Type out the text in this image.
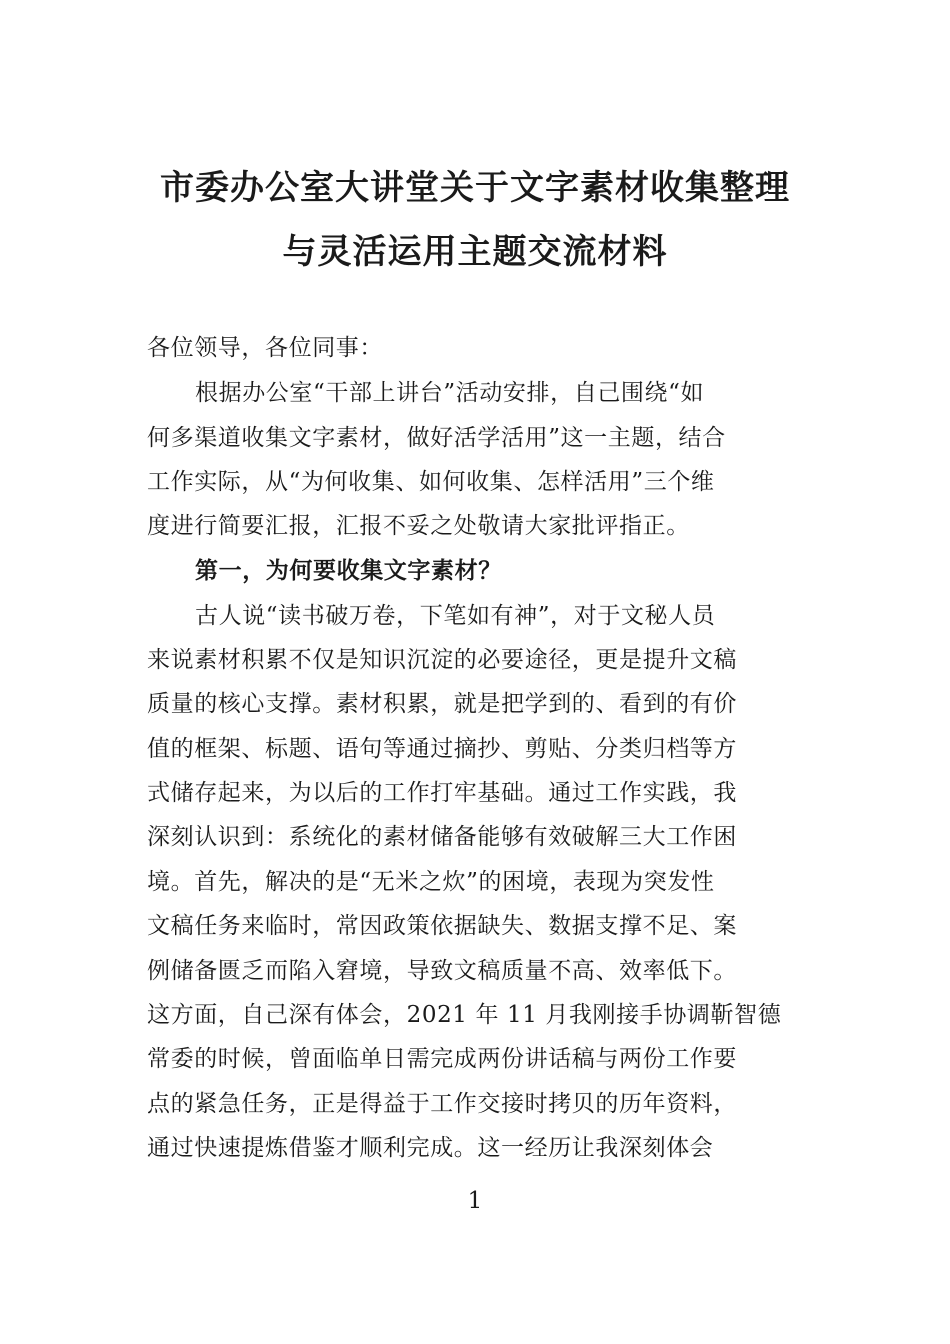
市委办公室大讲堂关于文字素材收集整理
与灵活运用主题交流材料
各位领导，各位同事：
根据办公室“干部上讲台”活动安排，自己围绕“如
何多渠道收集文字素材，做好活学活用”这一主题，结合
工作实际，从“为何收集、如何收集、怎样活用”三个维
度进行简要汇报，汇报不妥之处敬请大家批评指正。
第一，为何要收集文字素材？
古人说“读书破万卷，下笔如有神”，对于文秘人员
来说素材积累不仅是知识沉淀的必要途径，更是提升文稿
质量的核心支撑。素材积累，就是把学到的、看到的有价
值的框架、标题、语句等通过摘抄、剪贴、分类归档等方
式储存起来，为以后的工作打牢基础。通过工作实践，我
深刻认识到：系统化的素材储备能够有效破解三大工作困
境。首先，解决的是“无米之炊”的困境，表现为突发性
文稿任务来临时，常因政策依据缺失、数据支撑不足、案
例储备匮乏而陷入窘境，导致文稿质量不高、效率低下。
这方面，自己深有体会，2021 年 11 月我刚接手协调靳智德
常委的时候，曾面临单日需完成两份讲话稿与两份工作要
点的紧急任务，正是得益于工作交接时拷贝的历年资料，
通过快速提炼借鉴才顺利完成。这一经历让我深刻体会
1
